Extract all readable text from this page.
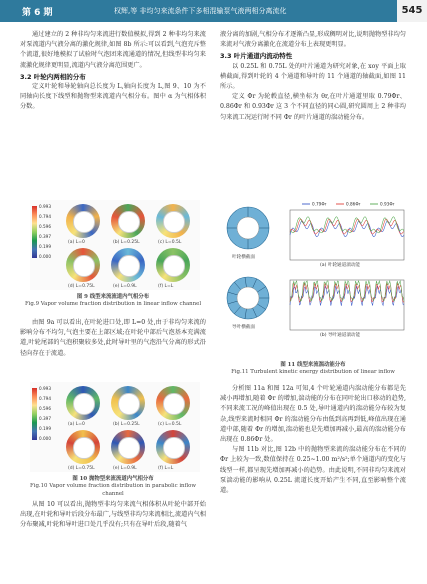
第 6 期	权辉,等 非均匀来流条件下多相混输泵气液两相分离流化	545

通过建立的 2 种非均匀来流进行数值模拟,得到 2 种非均匀来流对泵流道内气液分离的激化规律,如图 8b 所示:可以看到,气泡充斥整个流道,很好地模拟了试验时气泡团来流通道的情况,但线型非均匀来流激化规律更明显,流道内气液分离范围更广。

3.2 叶轮内两相的分布

定义叶轮和导轮轴向总长度为 L,轴向长度为 L,图 9、10 为不同轴向长度下线型和抛物型来流道内气相分布。图中 α 为气相体积分数。

0.993
0.794
0.596
0.397
0.199
0.000
(a) L=0	(b) L=0.25L	(c) L=0.5L
(d) L=0.75L	(e) L=0.9L	(f) L=L
图 9 线型来流流道内气相分布
Fig.9 Vapor volume fraction distribution in linear inflow channel

由图 9a 可以看出,在叶轮进口处,即 L=0 处,由于非均匀来流的影响分布不均匀,气泡主要在上部区域;在叶轮中部后气泡基本充满流道,叶轮尾部的气泡积聚较多处,此时导叶里的气泡沿气分离的形式沿径向存在于流道。

0.993
0.794
0.596
0.397
0.199
0.000
(a) L=0	(b) L=0.25L	(c) L=0.5L
(d) L=0.75L	(e) L=0.9L	(f) L=L
图 10 抛物型来流流道内气相分布
Fig.10 Vapor volume fraction distribution in parabolic inflow channel

从图 10 可以看出,抛物型非均匀来流气相体积从叶轮中部开始出现,在叶轮和导叶后段分布最广,与线型非均匀来流相比,流道内气相分布聚减,叶轮和导叶进口处几乎没有;只有在导叶后段,随着气

液分离的加剧,气相分布才逐渐凸显,形成稠明对比,说明抛物型非均匀来流对气液分离激化在流道分布上表现更明显。

3.3 叶片通道内流动特性

以 0.25L 和 0.75L 处的叶片通道为研究对象,在 xoy 平面上取横截面,得到叶轮的 4 个通道和导叶的 11 个通道的轴截面,如图 11 所示。

定义 Φr 为轮毂直径,横坐标为 θr,在叶片通道里取 0.79Φr、0.86Φr 和 0.93Φr 这 3 个不同直径的同心圆,研究圆周上 2 种非均匀来流工况运行时不同 Φr 的叶片通道的湍动能分布。

叶轮横截面
导叶横截面
0.79Φr	0.86Φr	0.93Φr
(a) 叶轮通道湍动能
(b) 导叶通道湍动能
图 11 线型来流湍动能分布
Fig.11 Turbulent kinetic energy distribution of linear inflow

分析图 11a 和图 12a 可知,4 个叶轮通道内湍动能分布都是先减小再增加,随着 Φr 的增加,湍动能的分布在同叶轮出口移动的趋势,不同来流工况的峰值出现在 0.5 处,导叶通道内的湍动能分布较为复杂,线型来流时相同 Φr 的湍动能分布由低到高再到低,峰值出现在通道中部,随着 Φr 的增加,湍动能也是先增加再减小,最高的湍动能分布出现在 0.86Φr 处。

与图 11b 对比,图 12b 中的抛物型来流的湍动能分布在不同的 Φr 上较为一致,数值保持在 0.25~1.00 m²/s²;单个通道内的变化与线型一样,都呈现先增加再减小的趋势。由此说明,不同非均匀来流对泵湍动能的影响从 0.25L 流道长度开始产生不同,直至影响整个流道。
